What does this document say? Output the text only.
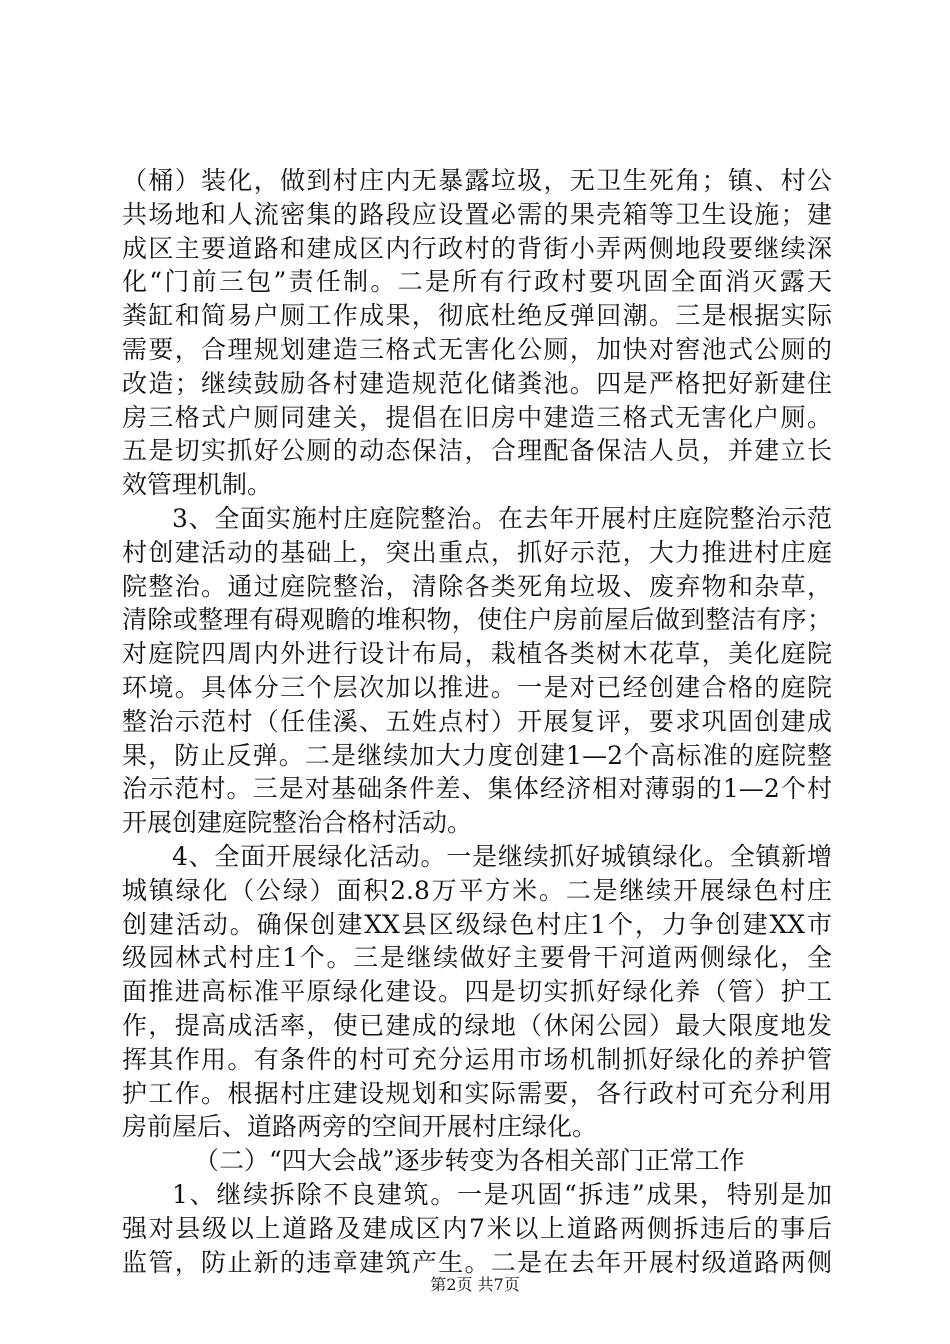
（桶）装化，做到村庄内无暴露垃圾，无卫生死角；镇、村公
共场地和人流密集的路段应设置必需的果壳箱等卫生设施；建
成区主要道路和建成区内行政村的背街小弄两侧地段要继续深
化“门前三包”责任制。二是所有行政村要巩固全面消灭露天
粪缸和简易户厕工作成果，彻底杜绝反弹回潮。三是根据实际
需要，合理规划建造三格式无害化公厕，加快对窖池式公厕的
改造；继续鼓励各村建造规范化储粪池。四是严格把好新建住
房三格式户厕同建关，提倡在旧房中建造三格式无害化户厕。
五是切实抓好公厕的动态保洁，合理配备保洁人员，并建立长
效管理机制。
3、全面实施村庄庭院整治。在去年开展村庄庭院整治示范
村创建活动的基础上，突出重点，抓好示范，大力推进村庄庭
院整治。通过庭院整治，清除各类死角垃圾、废弃物和杂草，
清除或整理有碍观瞻的堆积物，使住户房前屋后做到整洁有序；
对庭院四周内外进行设计布局，栽植各类树木花草，美化庭院
环境。具体分三个层次加以推进。一是对已经创建合格的庭院
整治示范村（任佳溪、五姓点村）开展复评，要求巩固创建成
果，防止反弹。二是继续加大力度创建1—2个高标准的庭院整
治示范村。三是对基础条件差、集体经济相对薄弱的1—2个村
开展创建庭院整治合格村活动。
4、全面开展绿化活动。一是继续抓好城镇绿化。全镇新增
城镇绿化（公绿）面积2.8万平方米。二是继续开展绿色村庄
创建活动。确保创建XX县区级绿色村庄1个，力争创建XX市
级园林式村庄1个。三是继续做好主要骨干河道两侧绿化，全
面推进高标准平原绿化建设。四是切实抓好绿化养（管）护工
作，提高成活率，使已建成的绿地（休闲公园）最大限度地发
挥其作用。有条件的村可充分运用市场机制抓好绿化的养护管
护工作。根据村庄建设规划和实际需要，各行政村可充分利用
房前屋后、道路两旁的空间开展村庄绿化。
（二）“四大会战”逐步转变为各相关部门正常工作
1、继续拆除不良建筑。一是巩固“拆违”成果，特别是加
强对县级以上道路及建成区内7米以上道路两侧拆违后的事后
监管，防止新的违章建筑产生。二是在去年开展村级道路两侧
第2页 共7页
